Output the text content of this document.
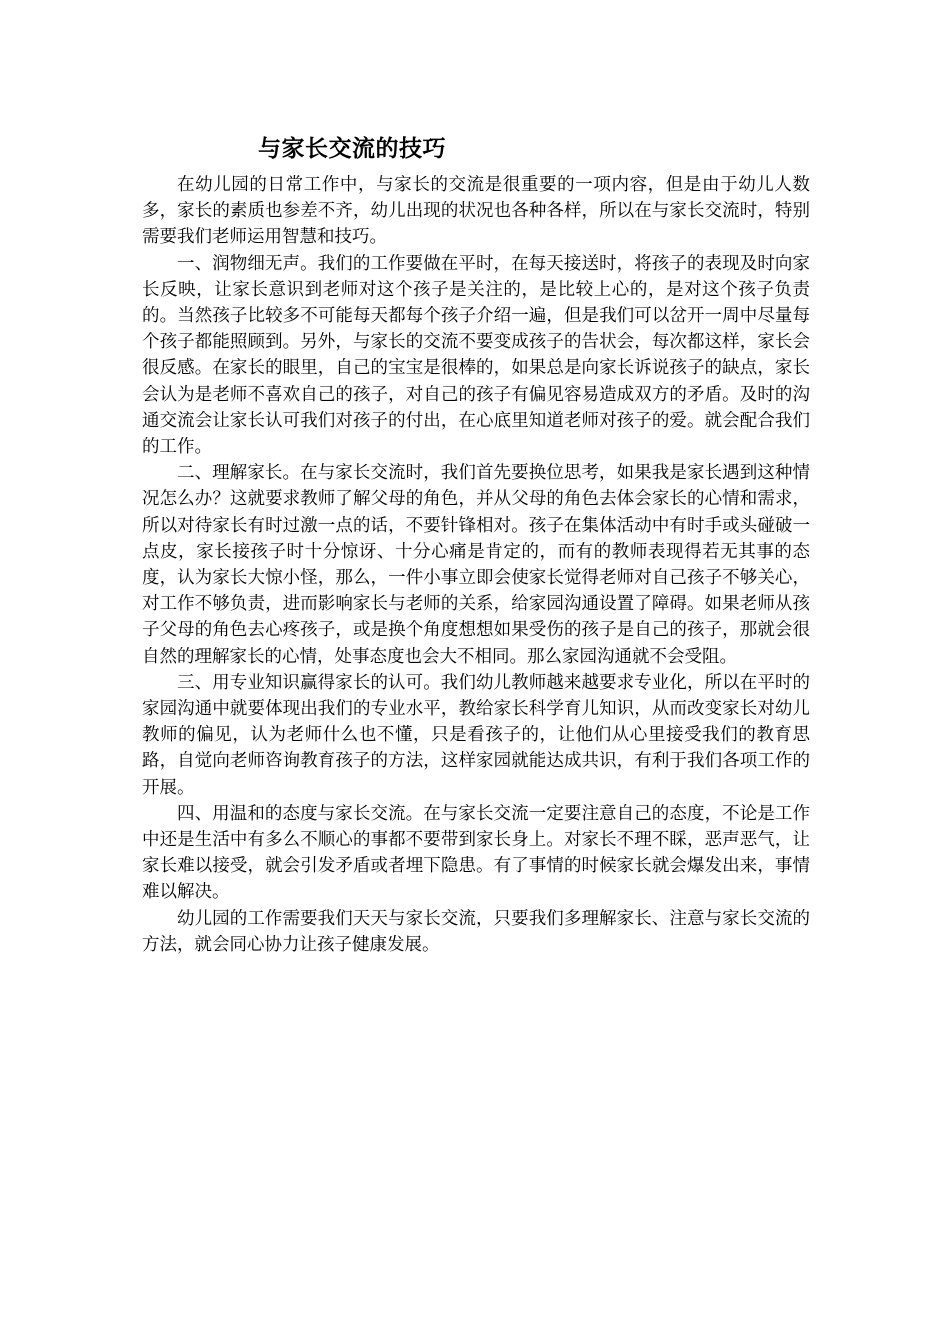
与家长交流的技巧

在幼儿园的日常工作中，与家长的交流是很重要的一项内容，但是由于幼儿人数多，家长的素质也参差不齐，幼儿出现的状况也各种各样，所以在与家长交流时，特别需要我们老师运用智慧和技巧。

一、润物细无声。我们的工作要做在平时，在每天接送时，将孩子的表现及时向家长反映，让家长意识到老师对这个孩子是关注的，是比较上心的，是对这个孩子负责的。当然孩子比较多不可能每天都每个孩子介绍一遍，但是我们可以岔开一周中尽量每个孩子都能照顾到。另外，与家长的交流不要变成孩子的告状会，每次都这样，家长会很反感。在家长的眼里，自己的宝宝是很棒的，如果总是向家长诉说孩子的缺点，家长会认为是老师不喜欢自己的孩子，对自己的孩子有偏见容易造成双方的矛盾。及时的沟通交流会让家长认可我们对孩子的付出，在心底里知道老师对孩子的爱。就会配合我们的工作。

二、理解家长。在与家长交流时，我们首先要换位思考，如果我是家长遇到这种情况怎么办？这就要求教师了解父母的角色，并从父母的角色去体会家长的心情和需求，所以对待家长有时过激一点的话，不要针锋相对。孩子在集体活动中有时手或头碰破一点皮，家长接孩子时十分惊讶、十分心痛是肯定的，而有的教师表现得若无其事的态度，认为家长大惊小怪，那么，一件小事立即会使家长觉得老师对自己孩子不够关心，对工作不够负责，进而影响家长与老师的关系，给家园沟通设置了障碍。如果老师从孩子父母的角色去心疼孩子，或是换个角度想想如果受伤的孩子是自己的孩子，那就会很自然的理解家长的心情，处事态度也会大不相同。那么家园沟通就不会受阻。

三、用专业知识赢得家长的认可。我们幼儿教师越来越要求专业化，所以在平时的家园沟通中就要体现出我们的专业水平，教给家长科学育儿知识，从而改变家长对幼儿教师的偏见，认为老师什么也不懂，只是看孩子的，让他们从心里接受我们的教育思路，自觉向老师咨询教育孩子的方法，这样家园就能达成共识，有利于我们各项工作的开展。

四、用温和的态度与家长交流。在与家长交流一定要注意自己的态度，不论是工作中还是生活中有多么不顺心的事都不要带到家长身上。对家长不理不睬，恶声恶气，让家长难以接受，就会引发矛盾或者埋下隐患。有了事情的时候家长就会爆发出来，事情难以解决。

幼儿园的工作需要我们天天与家长交流，只要我们多理解家长、注意与家长交流的方法，就会同心协力让孩子健康发展。
